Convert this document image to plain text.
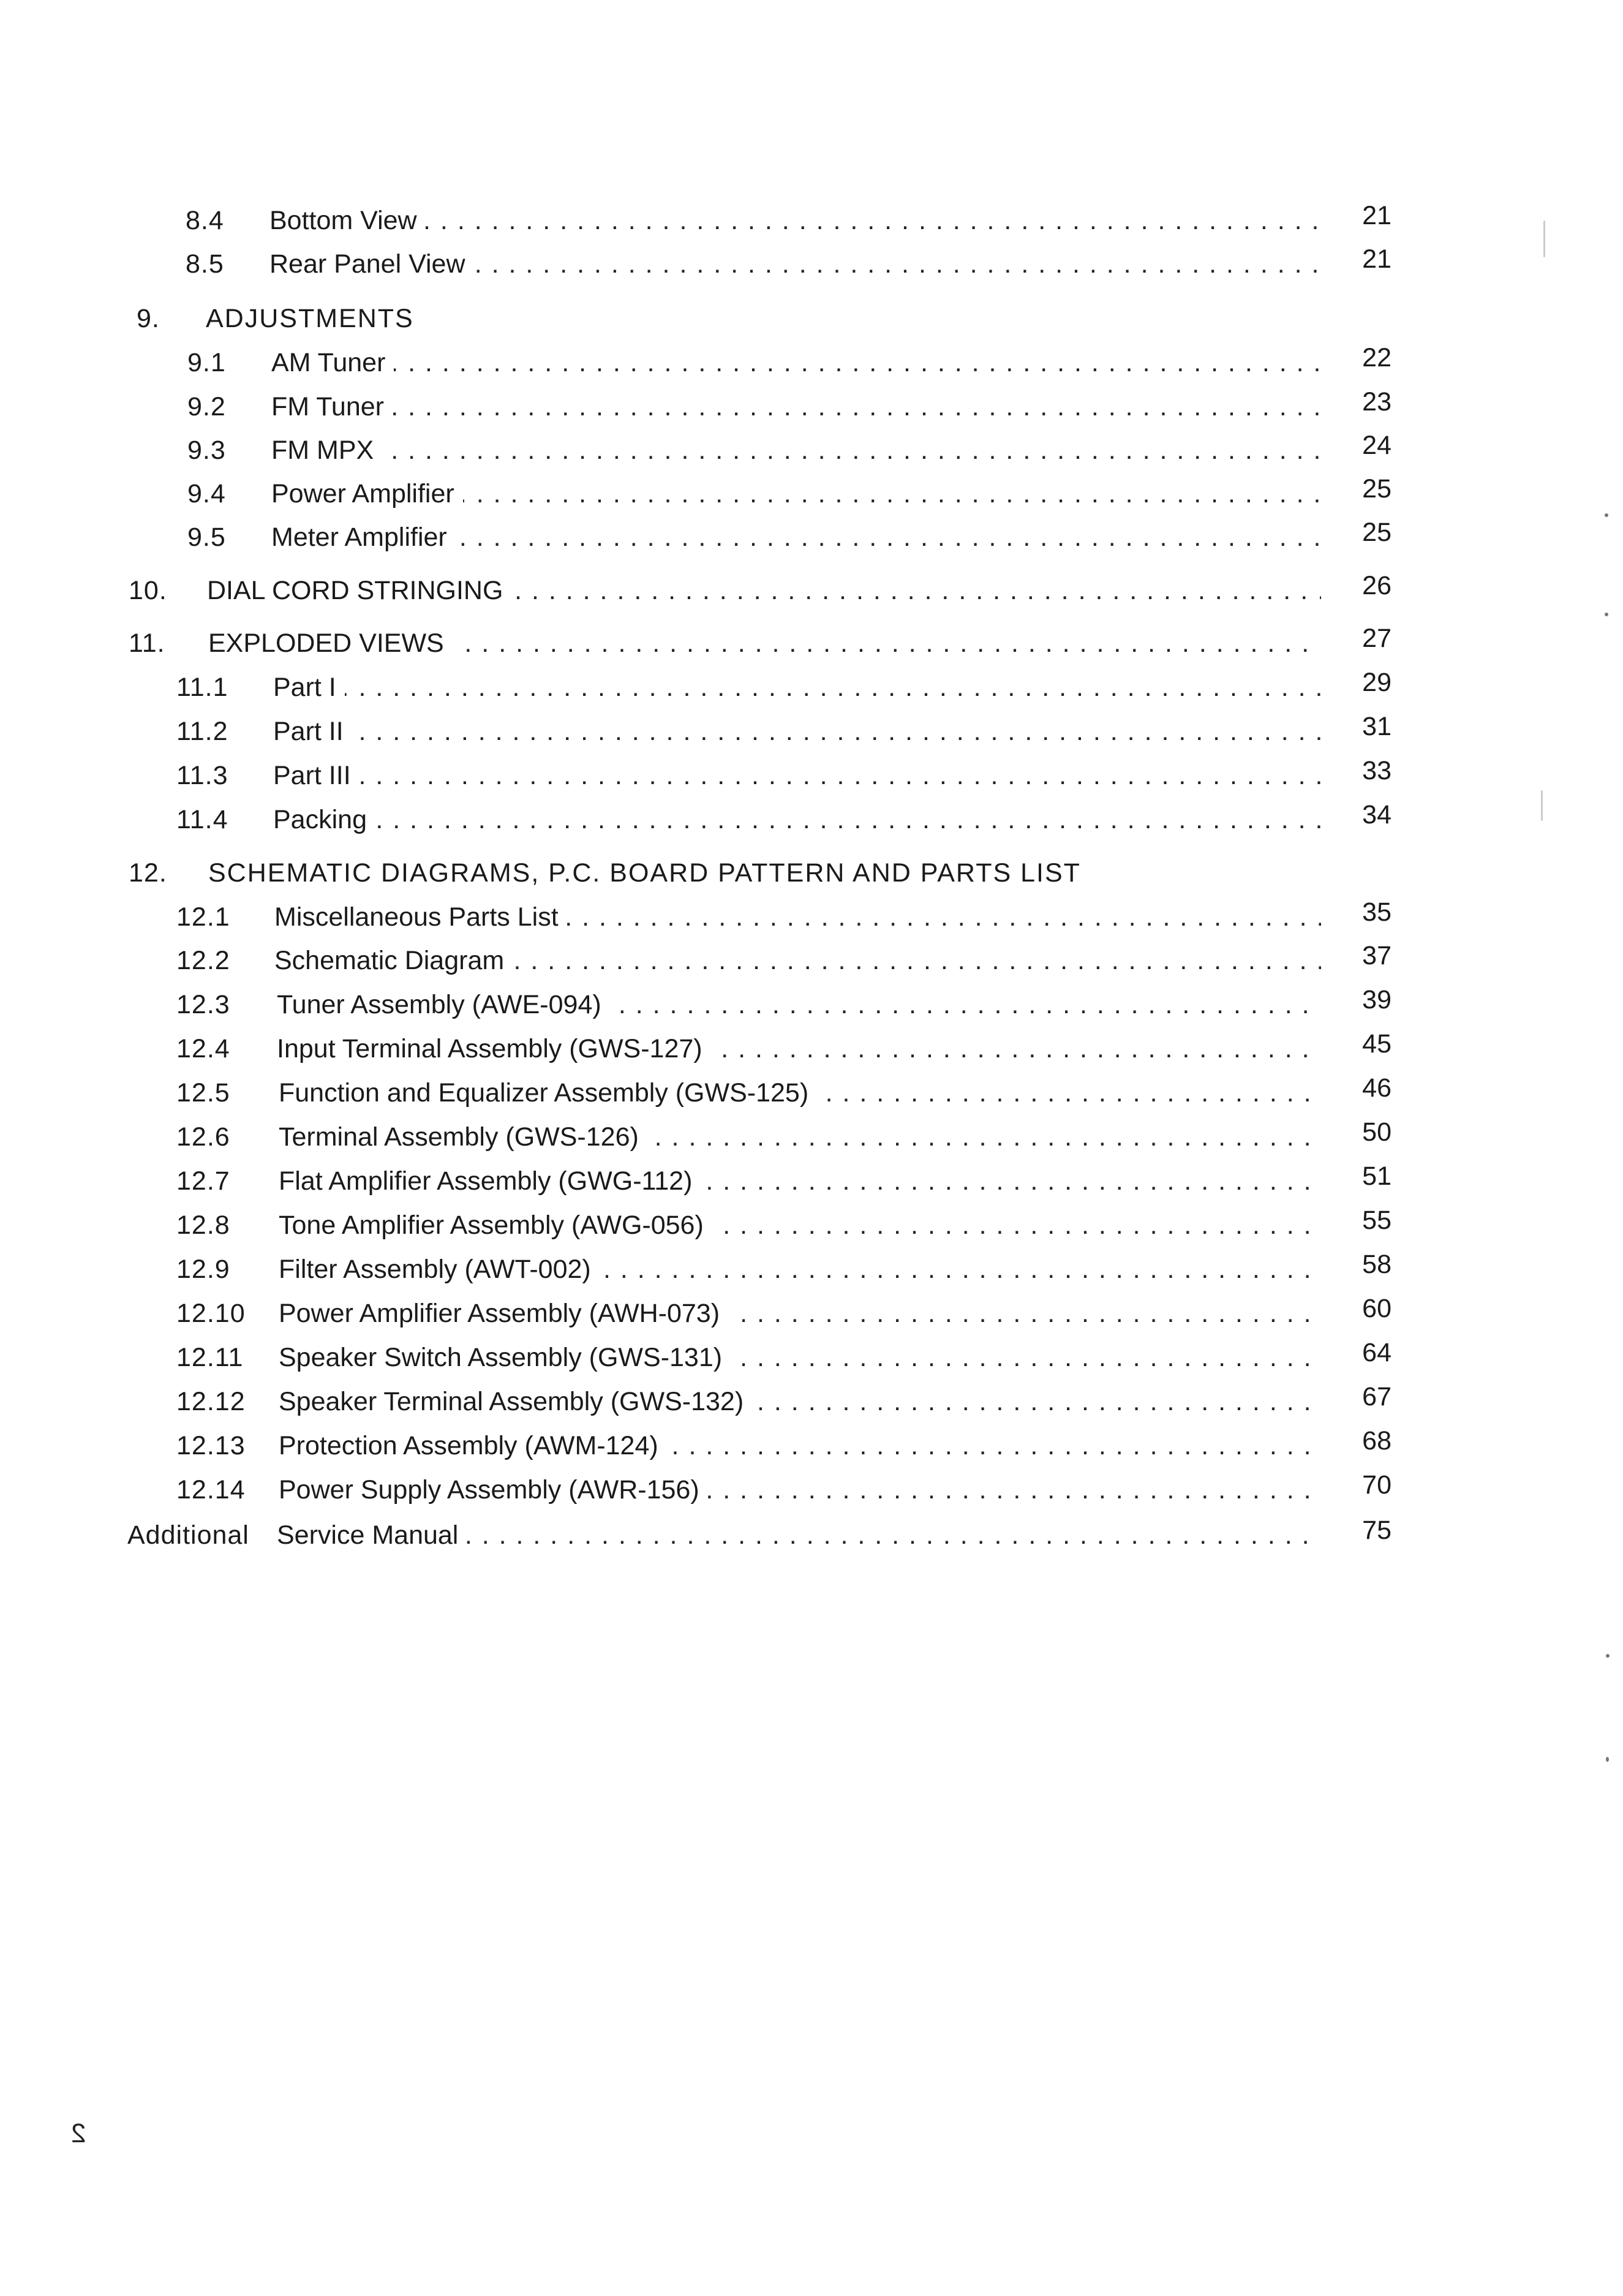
8.4 Bottom View . . .	21
8.5 Rear Panel View . . .	21
9. ADJUSTMENTS
9.1 AM Tuner . . .	22
9.2 FM Tuner . . .	23
9.3 FM MPX . . .	24
9.4 Power Amplifier . . .	25
9.5 Meter Amplifier . . .	25
10. DIAL CORD STRINGING . . .	26
11. EXPLODED VIEWS . . .	27
11.1 Part I . . .	29
11.2 Part II . . .	31
11.3 Part III . . .	33
11.4 Packing . . .	34
12. SCHEMATIC DIAGRAMS, P.C. BOARD PATTERN AND PARTS LIST
12.1 Miscellaneous Parts List . . .	35
12.2 Schematic Diagram . . .	37
12.3 Tuner Assembly (AWE-094) . . .	39
12.4 Input Terminal Assembly (GWS-127) . . .	45
12.5 Function and Equalizer Assembly (GWS-125) . . .	46
12.6 Terminal Assembly (GWS-126) . . .	50
12.7 Flat Amplifier Assembly (GWG-112) . . .	51
12.8 Tone Amplifier Assembly (AWG-056) . . .	55
12.9 Filter Assembly (AWT-002) . . .	58
12.10 Power Amplifier Assembly (AWH-073) . . .	60
12.11 Speaker Switch Assembly (GWS-131) . . .	64
12.12 Speaker Terminal Assembly (GWS-132) . . .	67
12.13 Protection Assembly (AWM-124) . . .	68
12.14 Power Supply Assembly (AWR-156) . . .	70
Additional Service Manual . . .	75
2
